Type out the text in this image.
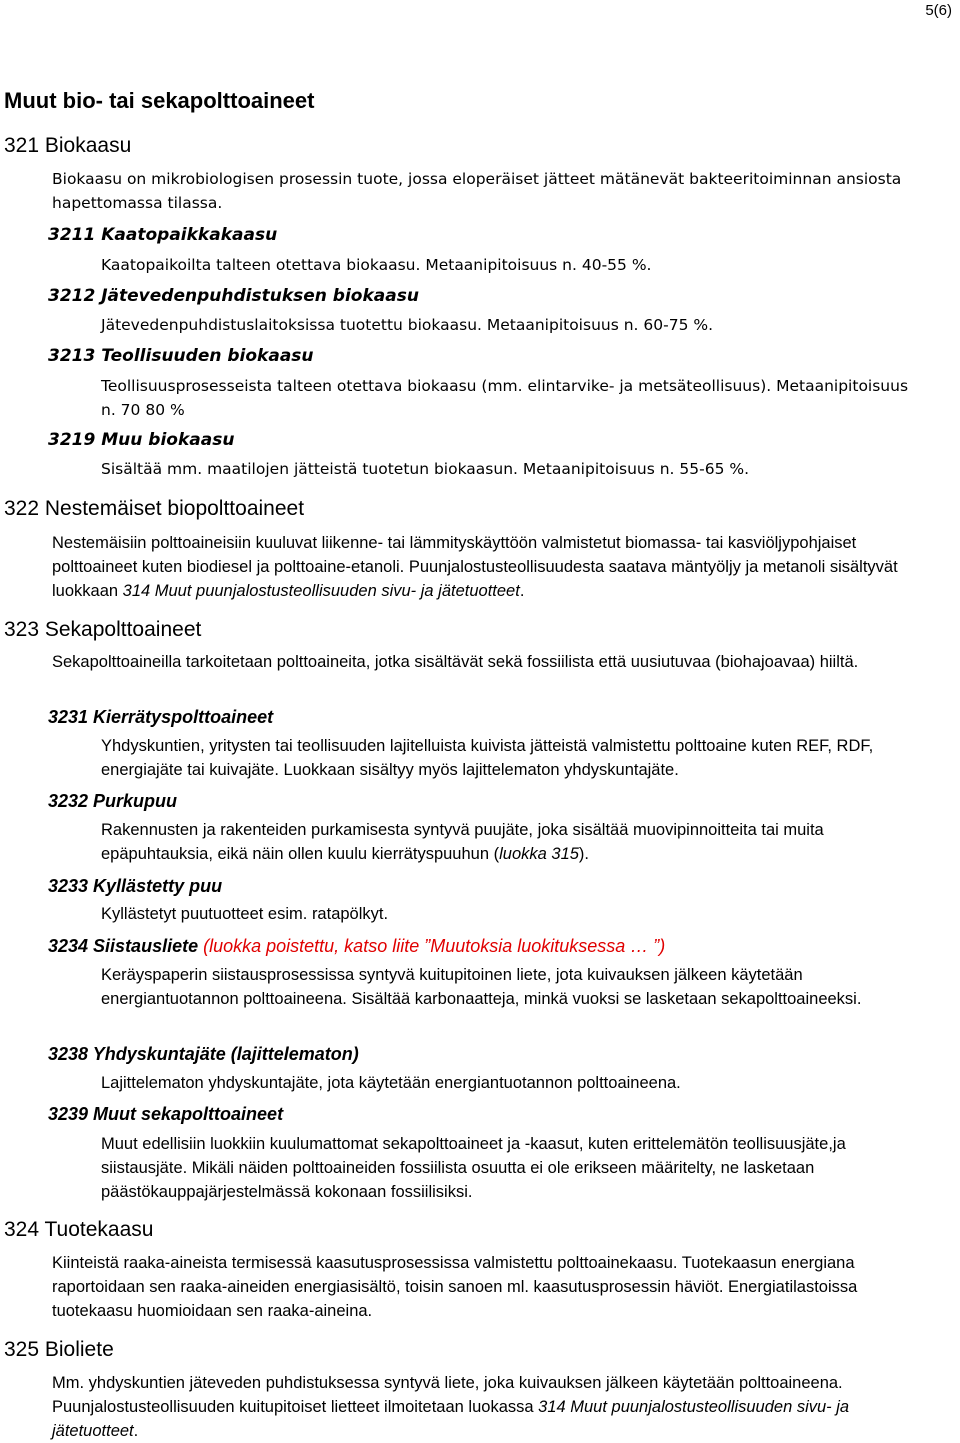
5(6)
Muut bio- tai sekapolttoaineet
321 Biokaasu

Biokaasu on mikrobiologisen prosessin tuote, jossa eloperäiset jätteet mätänevät bakteeritoiminnan ansiosta hapettomassa tilassa.

3211 Kaatopaikkakaasu

Kaatopaikoilta talteen otettava biokaasu. Metaanipitoisuus n. 40-55 %.

3212 Jätevedenpuhdistuksen biokaasu

Jätevedenpuhdistuslaitoksissa tuotettu biokaasu. Metaanipitoisuus n. 60-75 %.

3213 Teollisuuden biokaasu

Teollisuusprosesseista talteen otettava biokaasu (mm. elintarvike- ja metsäteollisuus). Metaanipitoisuus n. 70 80 %

3219 Muu biokaasu

Sisältää mm. maatilojen jätteistä tuotetun biokaasun. Metaanipitoisuus n. 55-65 %.

322 Nestemäiset biopolttoaineet

Nestemäisiin polttoaineisiin kuuluvat liikenne- tai lämmityskäyttöön valmistetut biomassa- tai kasviöljypohjaiset polttoaineet kuten biodiesel ja polttoaine-etanoli. Puunjalostusteollisuudesta saatava mäntyöljy ja metanoli sisältyvät luokkaan 314 Muut puunjalostusteollisuuden sivu- ja jätetuotteet.

323 Sekapolttoaineet

Sekapolttoaineilla tarkoitetaan polttoaineita, jotka sisältävät sekä fossiilista että uusiutuvaa (biohajoavaa) hiiltä.

3231 Kierrätyspolttoaineet

Yhdyskuntien, yritysten tai teollisuuden lajitelluista kuivista jätteistä valmistettu polttoaine kuten REF, RDF, energiajäte tai kuivajäte. Luokkaan sisältyy myös lajittelematon yhdyskuntajäte.

3232 Purkupuu

Rakennusten ja rakenteiden purkamisesta syntyvä puujäte, joka sisältää muovipinnoitteita tai muita epäpuhtauksia, eikä näin ollen kuulu kierrätyspuuhun (luokka 315).

3233 Kyllästetty puu

Kyllästetyt puutuotteet esim. ratapölkyt.

3234 Siistausliete (luokka poistettu, katso liite ”Muutoksia luokituksessa … ”)

Keräyspaperin siistausprosessissa syntyvä kuitupitoinen liete, jota kuivauksen jälkeen käytetään energiantuotannon polttoaineena. Sisältää karbonaatteja, minkä vuoksi se lasketaan sekapolttoaineeksi.

3238 Yhdyskuntajäte (lajittelematon)

Lajittelematon yhdyskuntajäte, jota käytetään energiantuotannon polttoaineena.

3239 Muut sekapolttoaineet

Muut edellisiin luokkiin kuulumattomat sekapolttoaineet ja -kaasut, kuten erittelemätön teollisuusjäte,ja siistausjäte. Mikäli näiden polttoaineiden fossiilista osuutta ei ole erikseen määritelty, ne lasketaan päästökauppajärjestelmässä kokonaan fossiilisiksi.

324 Tuotekaasu

Kiinteistä raaka-aineista termisessä kaasutusprosessissa valmistettu polttoainekaasu. Tuotekaasun energiana raportoidaan sen raaka-aineiden energiasisältö, toisin sanoen ml. kaasutusprosessin häviöt. Energiatilastoissa tuotekaasu huomioidaan sen raaka-aineina.

325 Bioliete

Mm. yhdyskuntien jäteveden puhdistuksessa syntyvä liete, joka kuivauksen jälkeen käytetään polttoaineena. Puunjalostusteollisuuden kuitupitoiset lietteet ilmoitetaan luokassa 314 Muut puunjalostusteollisuuden sivu- ja jätetuotteet.
